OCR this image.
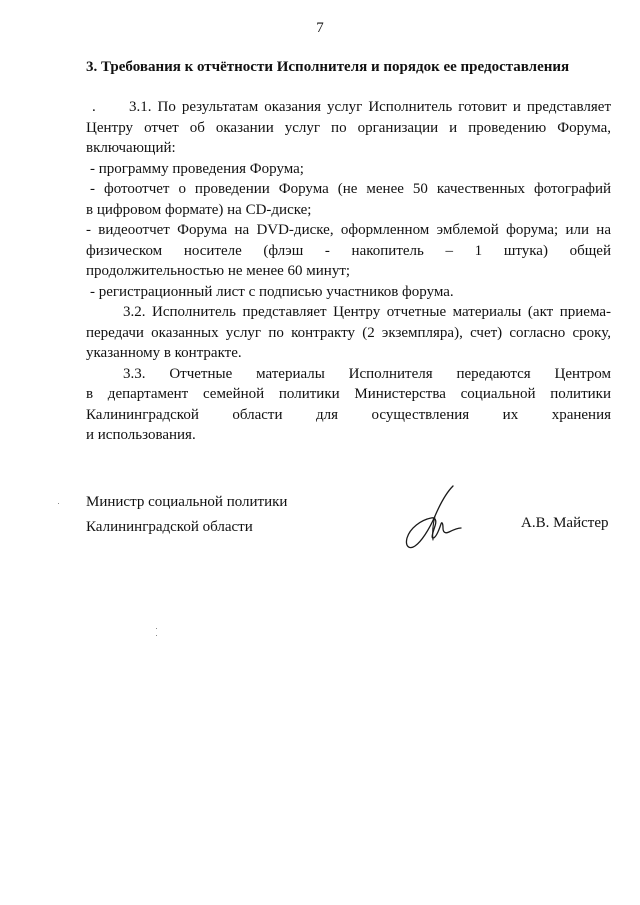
7
3. Требования к отчётности Исполнителя и порядок ее предоставления
. 3.1. По результатам оказания услуг Исполнитель готовит и представляет
Центру отчет об оказании услуг по организации и проведению Форума,
включающий:
- программу проведения Форума;
- фотоотчет о проведении Форума (не менее 50 качественных фотографий
в цифровом формате) на CD-диске;
- видеоотчет Форума на DVD-диске, оформленном эмблемой форума; или на
физическом носителе (флэш - накопитель – 1 штука) общей
продолжительностью не менее 60 минут;
- регистрационный лист с подписью участников форума.
3.2. Исполнитель представляет Центру отчетные материалы (акт приема-
передачи оказанных услуг по контракту (2 экземпляра), счет) согласно сроку,
указанному в контракте.
3.3. Отчетные материалы Исполнителя передаются Центром
в департамент семейной политики Министерства социальной политики
Калининградской области для осуществления их хранения
и использования.
Министр социальной политики
Калининградской области	А.В. Майстер
